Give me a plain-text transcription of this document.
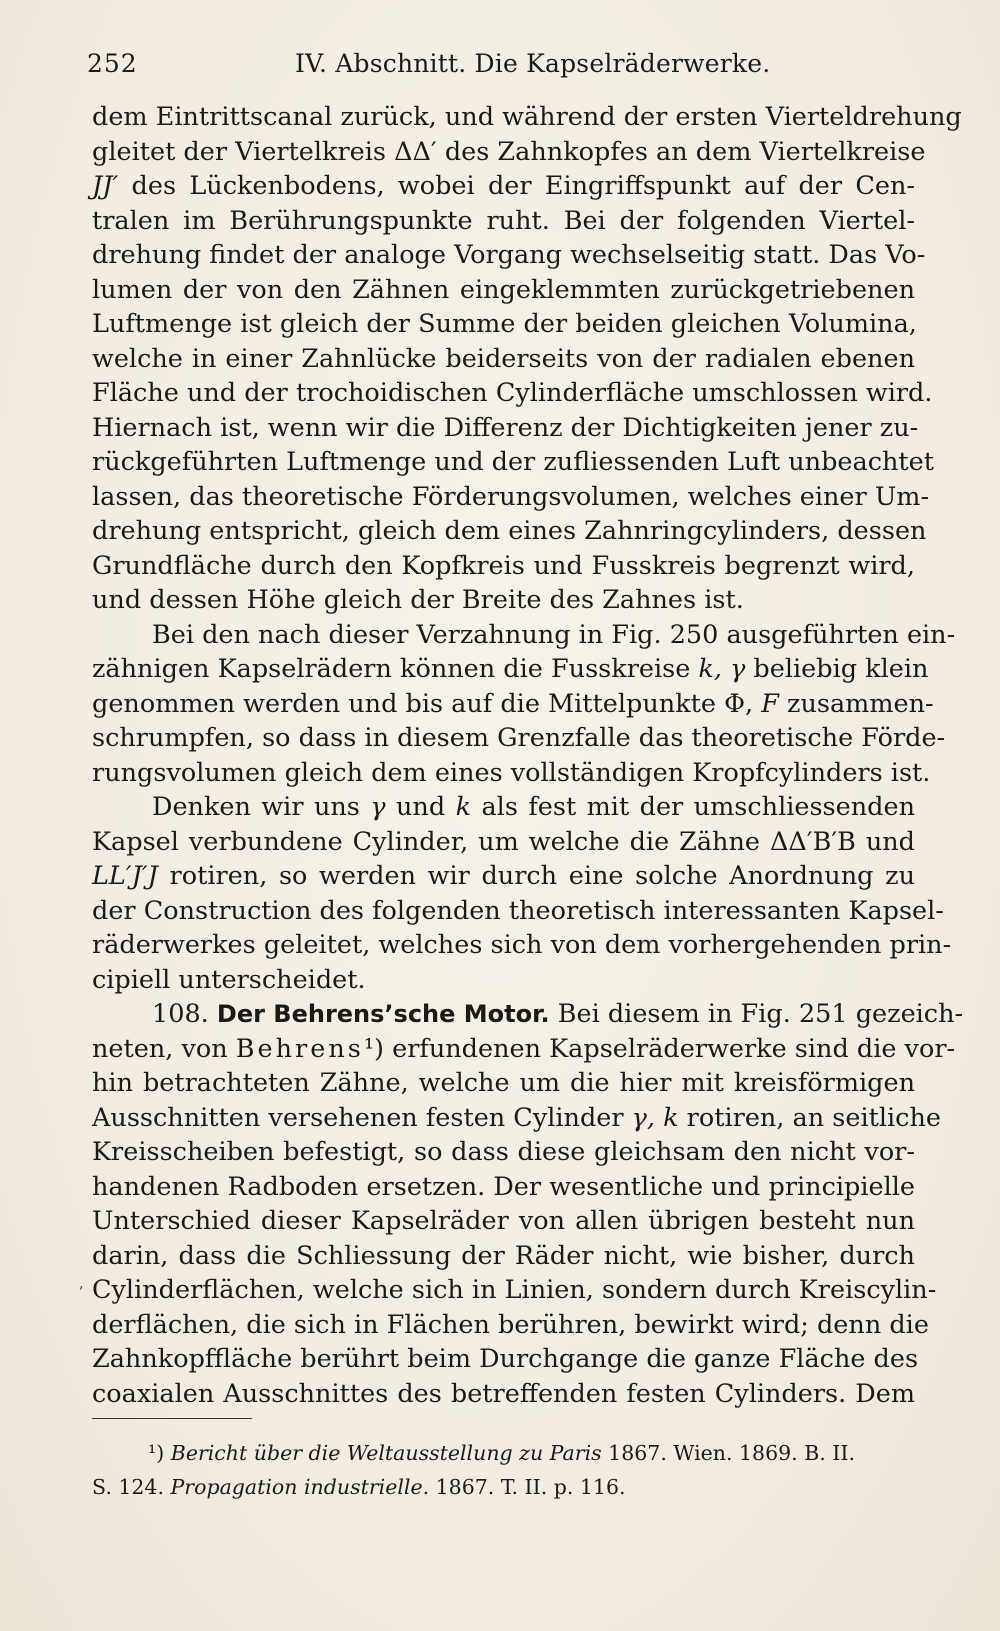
252	IV. Abschnitt. Die Kapselräderwerke.
dem Eintrittscanal zurück, und während der ersten Vierteldrehung
gleitet der Viertelkreis ΔΔ′ des Zahnkopfes an dem Viertelkreise
JJ′ des Lückenbodens, wobei der Eingriffspunkt auf der Cen-
tralen im Berührungspunkte ruht. Bei der folgenden Viertel-
drehung findet der analoge Vorgang wechselseitig statt. Das Vo-
lumen der von den Zähnen eingeklemmten zurückgetriebenen
Luftmenge ist gleich der Summe der beiden gleichen Volumina,
welche in einer Zahnlücke beiderseits von der radialen ebenen
Fläche und der trochoidischen Cylinderfläche umschlossen wird.
Hiernach ist, wenn wir die Differenz der Dichtigkeiten jener zu-
rückgeführten Luftmenge und der zufliessenden Luft unbeachtet
lassen, das theoretische Förderungsvolumen, welches einer Um-
drehung entspricht, gleich dem eines Zahnringcylinders, dessen
Grundfläche durch den Kopfkreis und Fusskreis begrenzt wird,
und dessen Höhe gleich der Breite des Zahnes ist.
Bei den nach dieser Verzahnung in Fig. 250 ausgeführten ein-
zähnigen Kapselrädern können die Fusskreise k, γ beliebig klein
genommen werden und bis auf die Mittelpunkte Φ, F zusammen-
schrumpfen, so dass in diesem Grenzfalle das theoretische Förde-
rungsvolumen gleich dem eines vollständigen Kropfcylinders ist.
Denken wir uns γ und k als fest mit der umschliessenden
Kapsel verbundene Cylinder, um welche die Zähne ΔΔ′B′B und
LL′J′J rotiren, so werden wir durch eine solche Anordnung zu
der Construction des folgenden theoretisch interessanten Kapsel-
räderwerkes geleitet, welches sich von dem vorhergehenden prin-
cipiell unterscheidet.
108. Der Behrens’sche Motor. Bei diesem in Fig. 251 gezeich-
neten, von Behrens¹) erfundenen Kapselräderwerke sind die vor-
hin betrachteten Zähne, welche um die hier mit kreisförmigen
Ausschnitten versehenen festen Cylinder γ, k rotiren, an seitliche
Kreisscheiben befestigt, so dass diese gleichsam den nicht vor-
handenen Radboden ersetzen. Der wesentliche und principielle
Unterschied dieser Kapselräder von allen übrigen besteht nun
darin, dass die Schliessung der Räder nicht, wie bisher, durch
Cylinderflächen, welche sich in Linien, sondern durch Kreiscylin-
derflächen, die sich in Flächen berühren, bewirkt wird; denn die
Zahnkopffläche berührt beim Durchgange die ganze Fläche des
coaxialen Ausschnittes des betreffenden festen Cylinders. Dem
ʼ
¹) Bericht über die Weltausstellung zu Paris 1867. Wien. 1869. B. II.
S. 124. Propagation industrielle. 1867. T. II. p. 116.
